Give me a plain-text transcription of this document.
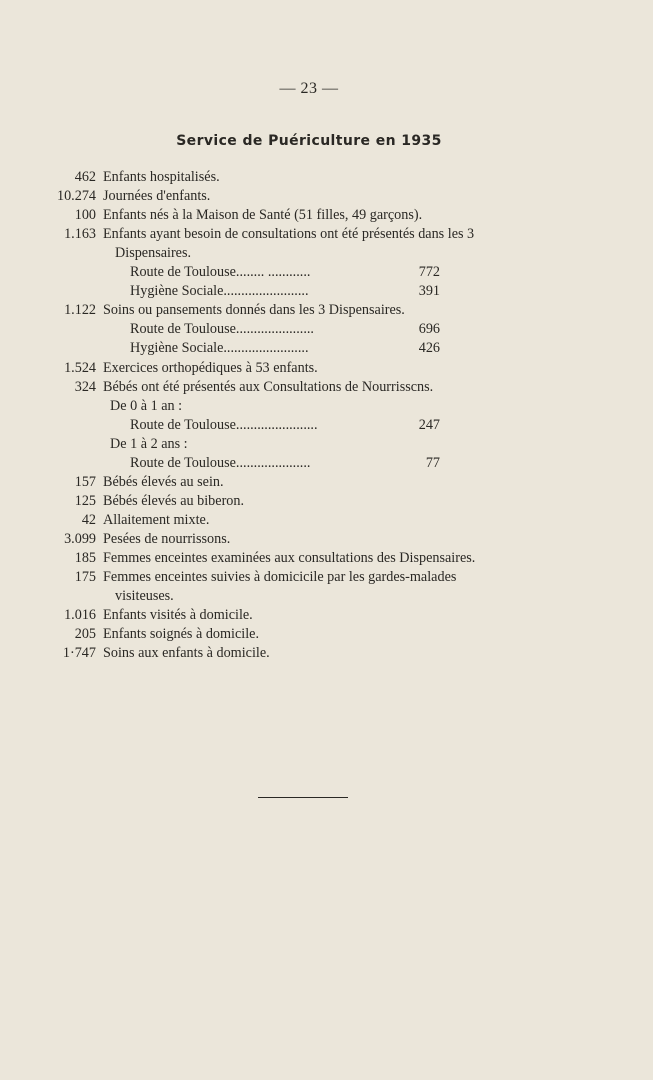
— 23 —
Service de Puériculture en 1935
462 Enfants hospitalisés.
10.274 Journées d'enfants.
100 Enfants nés à la Maison de Santé (51 filles, 49 garçons).
1.163 Enfants ayant besoin de consultations ont été présentés dans les 3
Dispensaires.
Route de Toulouse........ ............	772
Hygiène Sociale........................	391
1.122 Soins ou pansements donnés dans les 3 Dispensaires.
Route de Toulouse......................	696
Hygiène Sociale........................	426
1.524 Exercices orthopédiques à 53 enfants.
324 Bébés ont été présentés aux Consultations de Nourrisscns.
De 0 à 1 an :
Route de Toulouse.......................	247
De 1 à 2 ans :
Route de Toulouse.....................	77
157 Bébés élevés au sein.
125 Bébés élevés au biberon.
42 Allaitement mixte.
3.099 Pesées de nourrissons.
185 Femmes enceintes examinées aux consultations des Dispensaires.
175 Femmes enceintes suivies à domicicile par les gardes-malades
visiteuses.
1.016 Enfants visités à domicile.
205 Enfants soignés à domicile.
1·747 Soins aux enfants à domicile.
